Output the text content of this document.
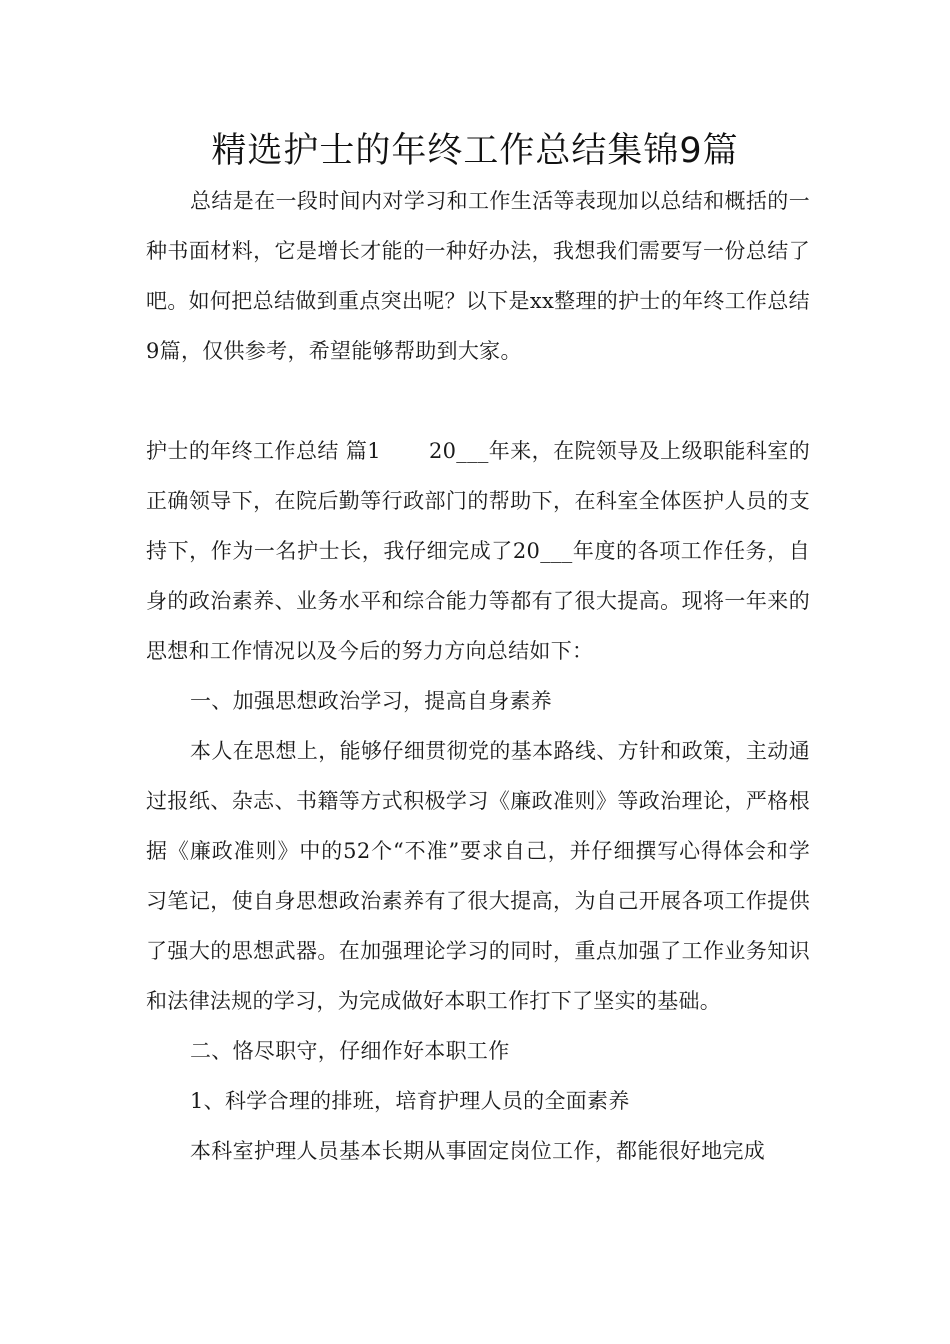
精选护士的年终工作总结集锦9篇

总结是在一段时间内对学习和工作生活等表现加以总结和概括的一种书面材料，它是增长才能的一种好办法，我想我们需要写一份总结了吧。如何把总结做到重点突出呢？以下是xx整理的护士的年终工作总结9篇，仅供参考，希望能够帮助到大家。

护士的年终工作总结 篇1 20___年来，在院领导及上级职能科室的正确领导下，在院后勤等行政部门的帮助下，在科室全体医护人员的支持下，作为一名护士长，我仔细完成了20___年度的各项工作任务，自身的政治素养、业务水平和综合能力等都有了很大提高。现将一年来的思想和工作情况以及今后的努力方向总结如下：

一、加强思想政治学习，提高自身素养

本人在思想上，能够仔细贯彻党的基本路线、方针和政策，主动通过报纸、杂志、书籍等方式积极学习《廉政准则》等政治理论，严格根据《廉政准则》中的52个“不准”要求自己，并仔细撰写心得体会和学习笔记，使自身思想政治素养有了很大提高，为自己开展各项工作提供了强大的思想武器。在加强理论学习的同时，重点加强了工作业务知识和法律法规的学习，为完成做好本职工作打下了坚实的基础。

二、恪尽职守，仔细作好本职工作

1、科学合理的排班，培育护理人员的全面素养

本科室护理人员基本长期从事固定岗位工作，都能很好地完成
